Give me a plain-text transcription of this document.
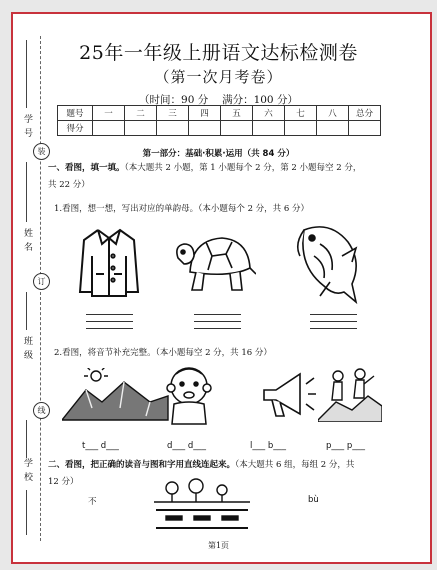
学 号
装
姓 名
订
班 级
线
学 校
25年一年级上册语文达标检测卷
（第一次月考卷）
（时间：90 分　 满分：100 分）
题号	一	二	三	四	五	六	七	八	总分
得分									
第一部分：基础·积累·运用（共 84 分）
一、看图，填一填。（本大题共 2 小题，第 1 小题每个 2 分，第 2 小题每空 2 分，
共 22 分）
1.看图，想一想，写出对应的单韵母。（本小题每个 2 分，共 6 分）
2.看图，将音节补充完整。（本小题每空 2 分，共 16 分）
t___ d___	d___ d___	l___ b___	p___ p___
二、看图，把正确的读音与图和字用直线连起来。（本大题共 6 组，每组 2 分，共
12 分）
不	bù
第1页
